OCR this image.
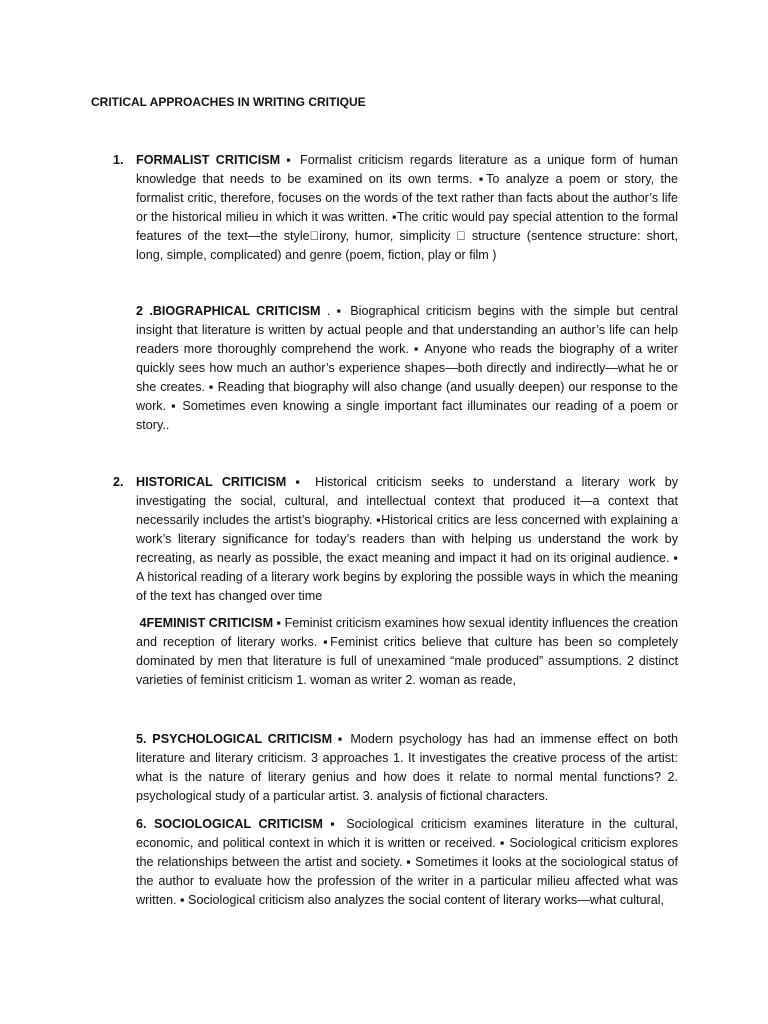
CRITICAL APPROACHES IN WRITING CRITIQUE
1. FORMALIST CRITICISM ▪ Formalist criticism regards literature as a unique form of human knowledge that needs to be examined on its own terms. ▪To analyze a poem or story, the formalist critic, therefore, focuses on the words of the text rather than facts about the author’s life or the historical milieu in which it was written. ▪The critic would pay special attention to the formal features of the text—the style irony, humor, simplicity structure (sentence structure: short, long, simple, complicated) and genre (poem, fiction, play or film )
2 .BIOGRAPHICAL CRITICISM . ▪ Biographical criticism begins with the simple but central insight that literature is written by actual people and that understanding an author’s life can help readers more thoroughly comprehend the work. ▪ Anyone who reads the biography of a writer quickly sees how much an author’s experience shapes—both directly and indirectly—what he or she creates. ▪ Reading that biography will also change (and usually deepen) our response to the work. ▪ Sometimes even knowing a single important fact illuminates our reading of a poem or story..
2. HISTORICAL CRITICISM ▪ Historical criticism seeks to understand a literary work by investigating the social, cultural, and intellectual context that produced it—a context that necessarily includes the artist’s biography. ▪Historical critics are less concerned with explaining a work’s literary significance for today’s readers than with helping us understand the work by recreating, as nearly as possible, the exact meaning and impact it had on its original audience. ▪ A historical reading of a literary work begins by exploring the possible ways in which the meaning of the text has changed over time
4FEMINIST CRITICISM ▪ Feminist criticism examines how sexual identity influences the creation and reception of literary works. ▪Feminist critics believe that culture has been so completely dominated by men that literature is full of unexamined “male produced” assumptions. 2 distinct varieties of feminist criticism 1. woman as writer 2. woman as reade,
5. PSYCHOLOGICAL CRITICISM ▪ Modern psychology has had an immense effect on both literature and literary criticism. 3 approaches 1. It investigates the creative process of the artist: what is the nature of literary genius and how does it relate to normal mental functions? 2. psychological study of a particular artist. 3. analysis of fictional characters.
6. SOCIOLOGICAL CRITICISM ▪ Sociological criticism examines literature in the cultural, economic, and political context in which it is written or received. ▪ Sociological criticism explores the relationships between the artist and society. ▪ Sometimes it looks at the sociological status of the author to evaluate how the profession of the writer in a particular milieu affected what was written. ▪ Sociological criticism also analyzes the social content of literary works—what cultural,
